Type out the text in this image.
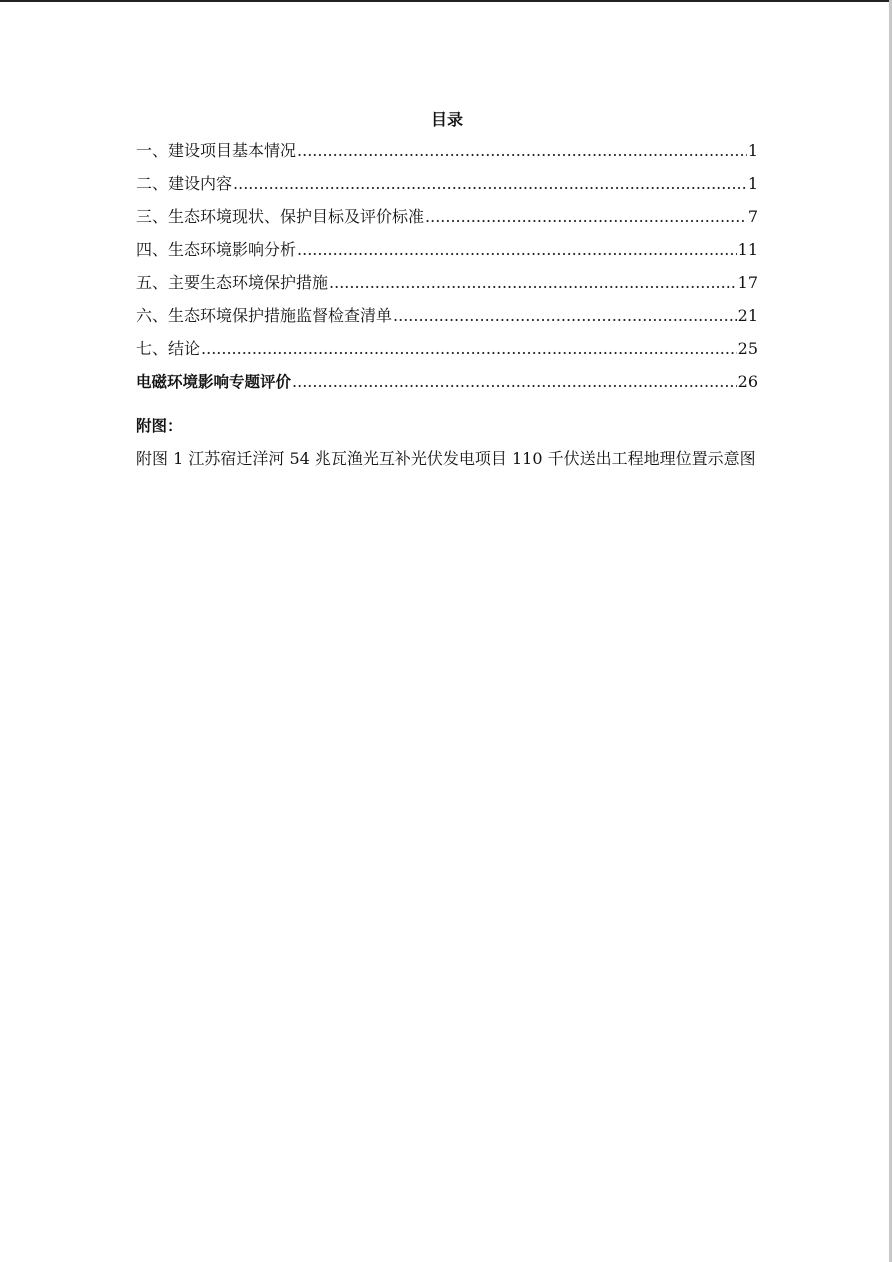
目录
一、建设项目基本情况 .....	1
二、建设内容 .....	1
三、生态环境现状、保护目标及评价标准 .....	7
四、生态环境影响分析 .....	11
五、主要生态环境保护措施 .....	17
六、生态环境保护措施监督检查清单 .....	21
七、结论 .....	25
电磁环境影响专题评价 .....	26
附图：
附图 1 江苏宿迁洋河 54 兆瓦渔光互补光伏发电项目 110 千伏送出工程地理位置示意图
